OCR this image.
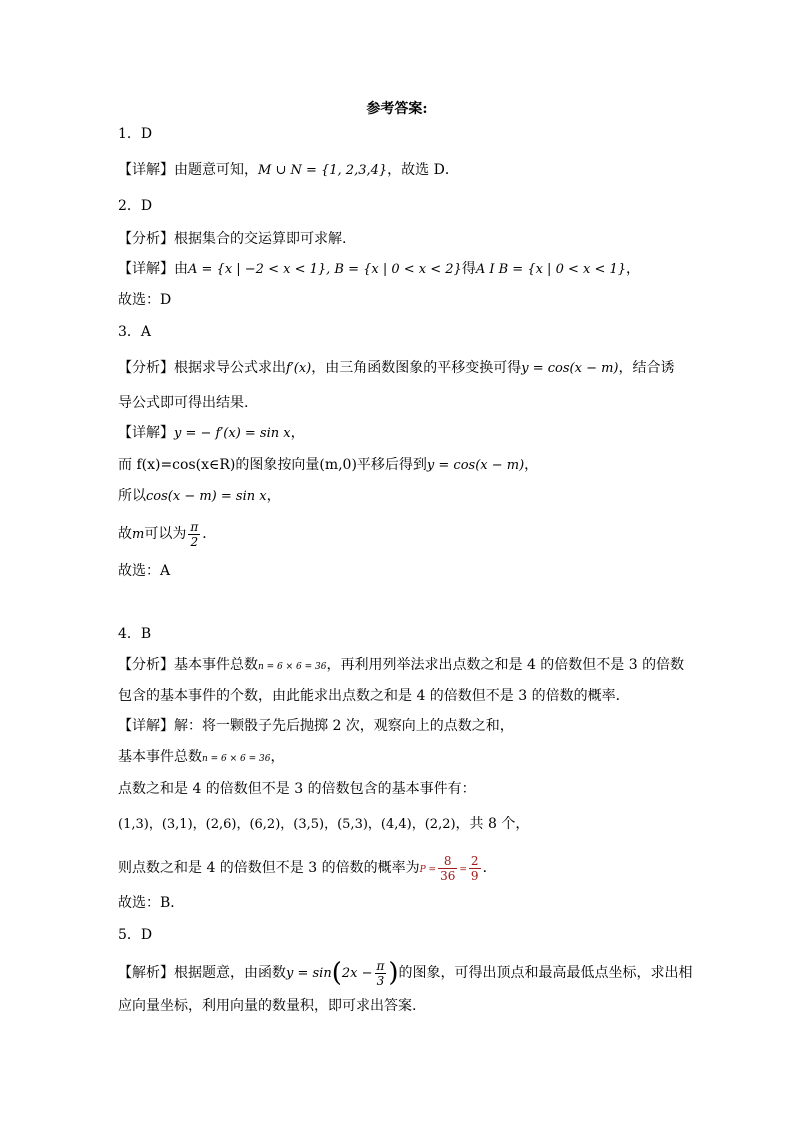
参考答案:
1．D
【详解】由题意可知，M ∪ N = {1, 2,3,4}，故选 D．
2．D
【分析】根据集合的交运算即可求解.
【详解】由A = {x | −2 < x < 1}, B = {x | 0 < x < 2}得A I B = {x | 0 < x < 1}，
故选：D
3．A
【分析】根据求导公式求出f′(x)，由三角函数图象的平移变换可得y = cos(x − m)，结合诱
导公式即可得出结果.
【详解】y = − f′(x) = sin x，
而 f(x)=cos(x∈R)的图象按向量(m,0)平移后得到y = cos(x − m)，
所以cos(x − m) = sin x，
故m可以为 $\frac{\pi}{2}$ ．
故选：A
4．B
【分析】基本事件总数n = 6 × 6 = 36，再利用列举法求出点数之和是 4 的倍数但不是 3 的倍数
包含的基本事件的个数，由此能求出点数之和是 4 的倍数但不是 3 的倍数的概率．
【详解】解：将一颗骰子先后抛掷 2 次，观察向上的点数之和，
基本事件总数n = 6 × 6 = 36，
点数之和是 4 的倍数但不是 3 的倍数包含的基本事件有：
(1,3)，(3,1)，(2,6)，(6,2)，(3,5)，(5,3)，(4,4)，(2,2)，共 8 个，
则点数之和是 4 的倍数但不是 3 的倍数的概率为$P = \frac{8}{36} = \frac{2}{9}$ ．
故选：B．
5．D
【解析】根据题意，由函数$y = \sin(2x - \frac{\pi}{3}$ )的图象，可得出顶点和最高最低点坐标，求出相
应向量坐标，利用向量的数量积，即可求出答案.
